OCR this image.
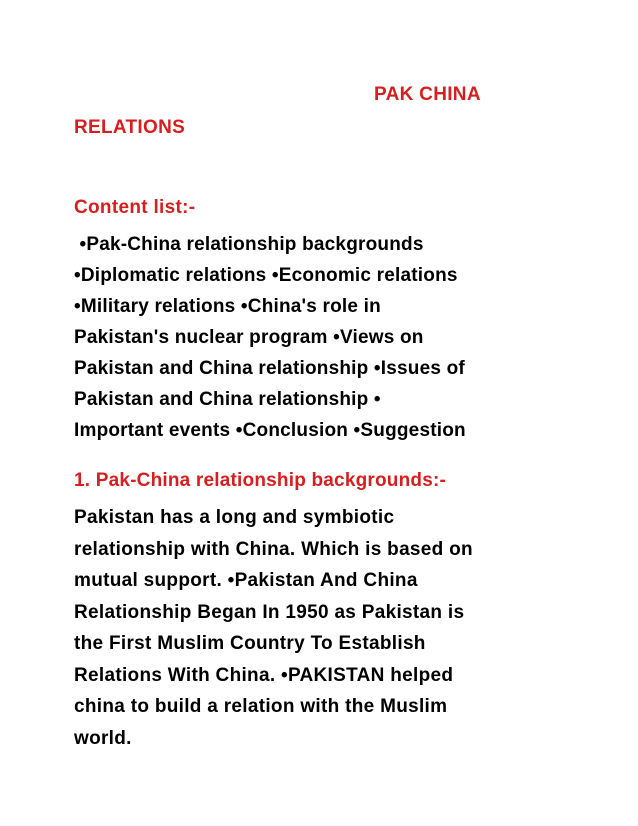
PAK CHINA
RELATIONS
Content list:-
•Pak-China relationship backgrounds
•Diplomatic relations •Economic relations
•Military relations •China's role in
Pakistan's nuclear program •Views on
Pakistan and China relationship •Issues of
Pakistan and China relationship •
Important events •Conclusion •Suggestion
1. Pak-China relationship backgrounds:-
Pakistan has a long and symbiotic
relationship with China. Which is based on
mutual support. •Pakistan And China
Relationship Began In 1950 as Pakistan is
the First Muslim Country To Establish
Relations With China. •PAKISTAN helped
china to build a relation with the Muslim
world.
